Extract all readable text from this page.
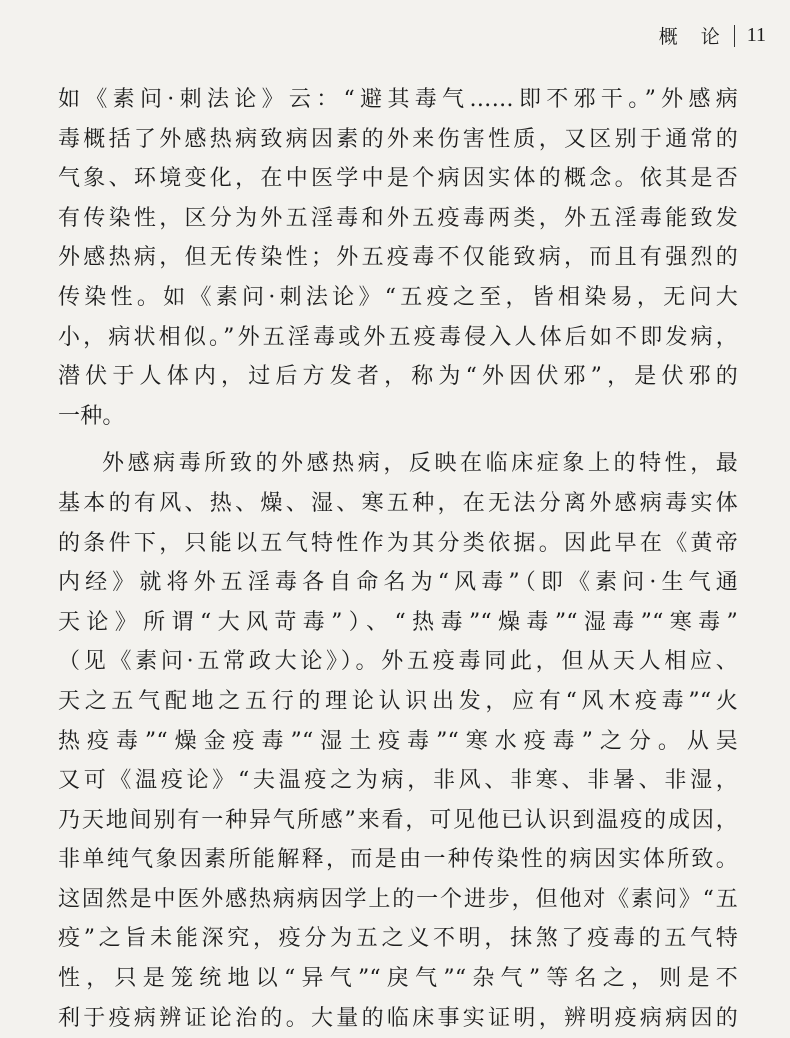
概　论 11
如《素问·刺法论》云：“避其毒气……即不邪干。”外感病
毒概括了外感热病致病因素的外来伤害性质，又区别于通常的
气象、环境变化，在中医学中是个病因实体的概念。依其是否
有传染性，区分为外五淫毒和外五疫毒两类，外五淫毒能致发
外感热病，但无传染性；外五疫毒不仅能致病，而且有强烈的
传染性。如《素问·刺法论》“五疫之至，皆相染易，无问大
小，病状相似。”外五淫毒或外五疫毒侵入人体后如不即发病，
潜伏于人体内，过后方发者，称为“外因伏邪”，是伏邪的
一种。
外感病毒所致的外感热病，反映在临床症象上的特性，最
基本的有风、热、燥、湿、寒五种，在无法分离外感病毒实体
的条件下，只能以五气特性作为其分类依据。因此早在《黄帝
内经》就将外五淫毒各自命名为“风毒”（即《素问·生气通
天论》所谓“大风苛毒”）、“热毒”“燥毒”“湿毒”“寒毒”
（见《素问·五常政大论》）。外五疫毒同此，但从天人相应、
天之五气配地之五行的理论认识出发，应有“风木疫毒”“火
热疫毒”“燥金疫毒”“湿土疫毒”“寒水疫毒”之分。从吴
又可《温疫论》“夫温疫之为病，非风、非寒、非暑、非湿，
乃天地间别有一种异气所感”来看，可见他已认识到温疫的成因，
非单纯气象因素所能解释，而是由一种传染性的病因实体所致。
这固然是中医外感热病病因学上的一个进步，但他对《素问》“五
疫”之旨未能深究，疫分为五之义不明，抹煞了疫毒的五气特
性，只是笼统地以“异气”“戾气”“杂气”等名之，则是不
利于疫病辨证论治的。大量的临床事实证明，辨明疫病病因的
